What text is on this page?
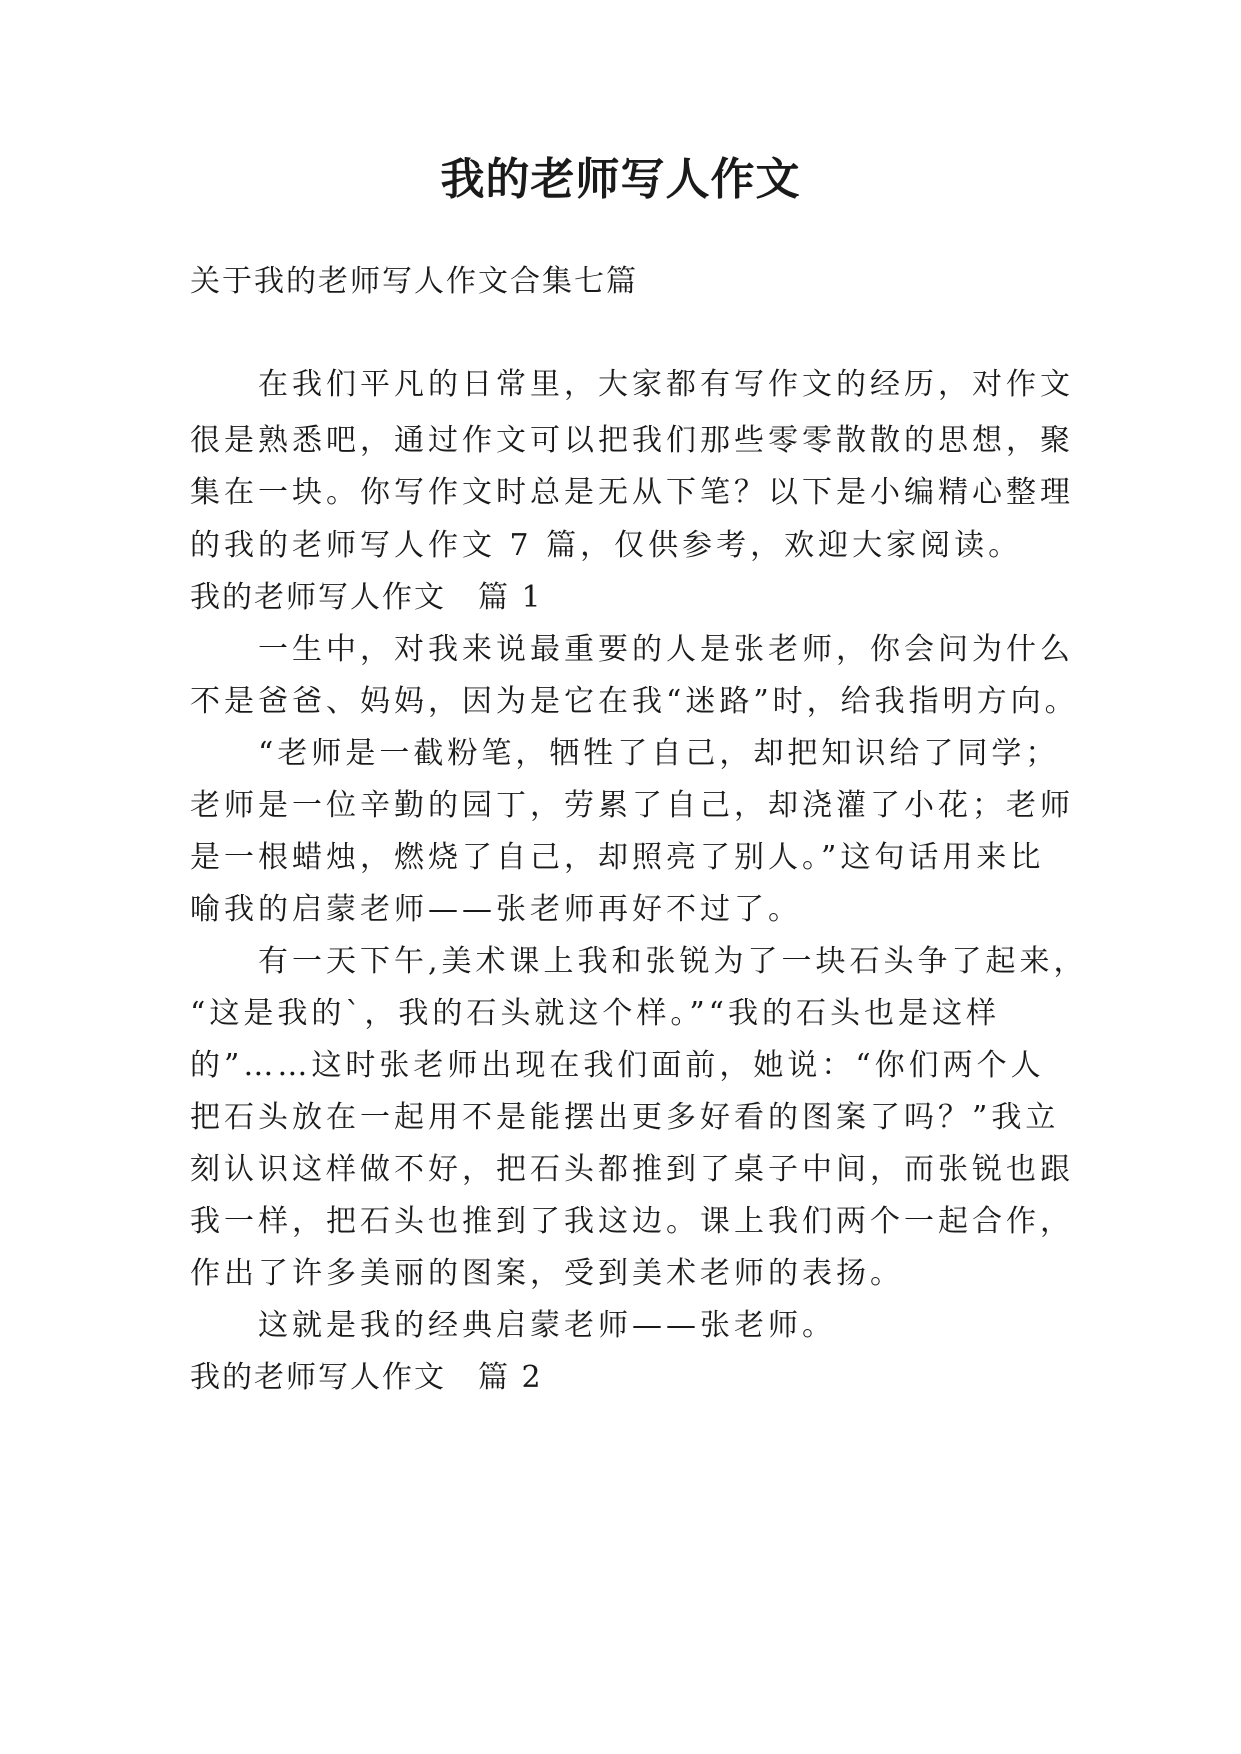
我的老师写人作文

关于我的老师写人作文合集七篇

　　在我们平凡的日常里，大家都有写作文的经历，对作文

很是熟悉吧，通过作文可以把我们那些零零散散的思想，聚

集在一块。你写作文时总是无从下笔？以下是小编精心整理

的我的老师写人作文 7 篇，仅供参考，欢迎大家阅读。

我的老师写人作文　篇 1

　　一生中，对我来说最重要的人是张老师，你会问为什么

不是爸爸、妈妈，因为是它在我“迷路”时，给我指明方向。

　　“老师是一截粉笔，牺牲了自己，却把知识给了同学；

老师是一位辛勤的园丁，劳累了自己，却浇灌了小花；老师

是一根蜡烛，燃烧了自己，却照亮了别人。”这句话用来比

喻我的启蒙老师——张老师再好不过了。

　　有一天下午,美术课上我和张锐为了一块石头争了起来，

“这是我的`，我的石头就这个样。”“我的石头也是这样

的”……这时张老师出现在我们面前，她说：“你们两个人

把石头放在一起用不是能摆出更多好看的图案了吗？”我立

刻认识这样做不好，把石头都推到了桌子中间，而张锐也跟

我一样，把石头也推到了我这边。课上我们两个一起合作，

作出了许多美丽的图案，受到美术老师的表扬。

　　这就是我的经典启蒙老师——张老师。

我的老师写人作文　篇 2
